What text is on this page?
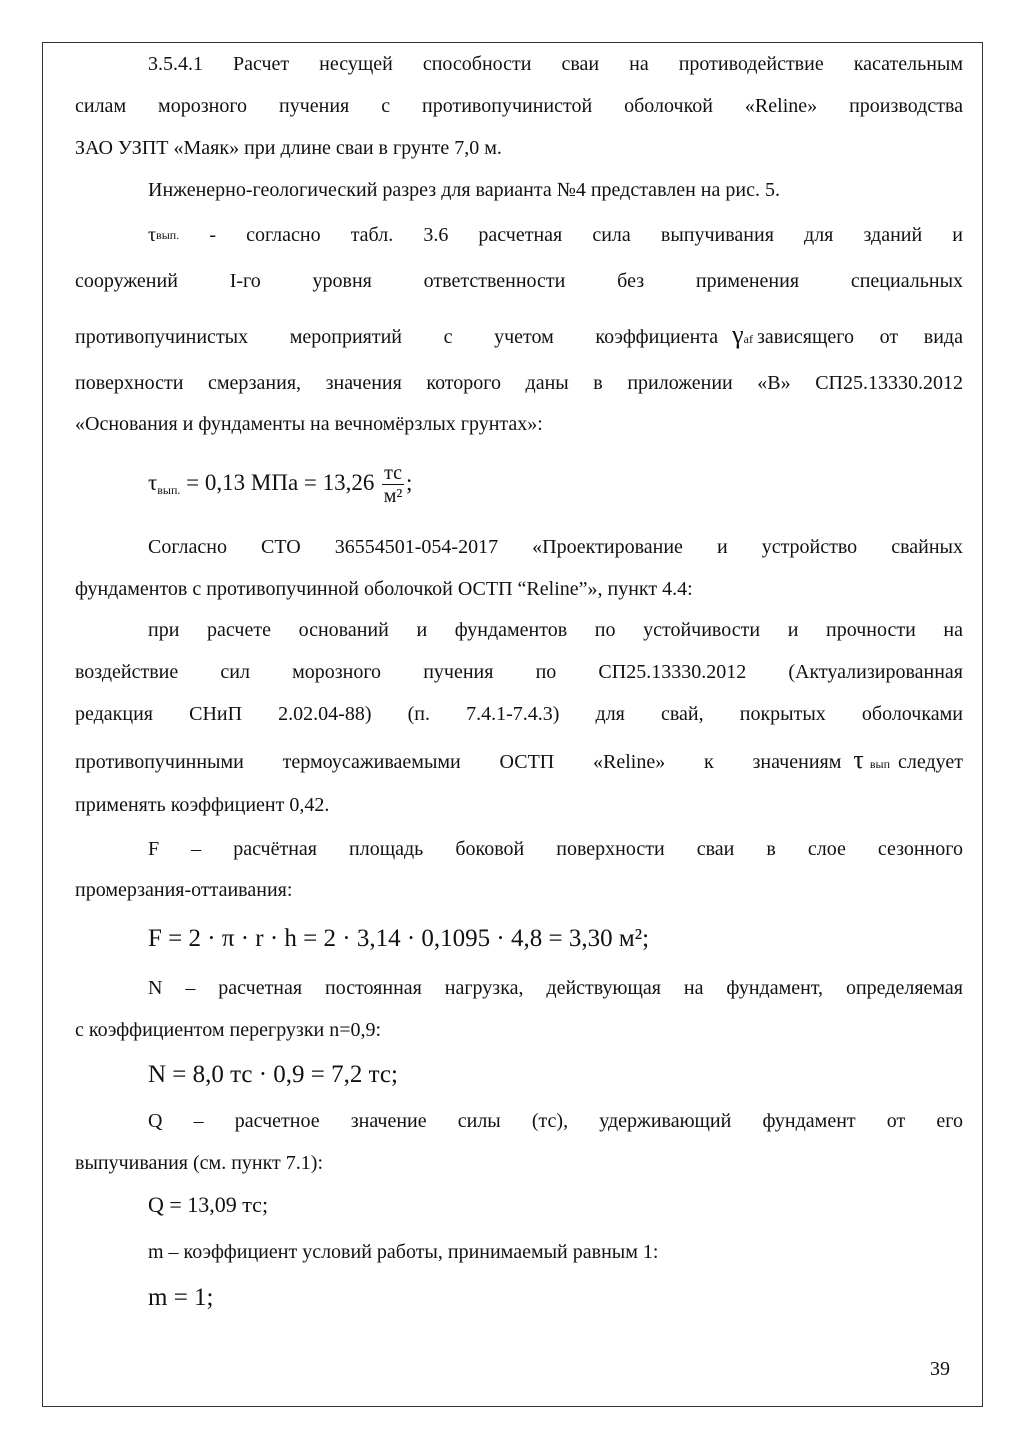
3.5.4.1 Расчет несущей способности сваи на противодействие касательным
силам морозного пучения с противопучинистой оболочкой «Reline» производства
ЗАО УЗПТ «Маяк» при длине сваи в грунте 7,0 м.
Инженерно-геологический разрез для варианта №4 представлен на рис. 5.
τ вып. - согласно табл. 3.6 расчетная сила выпучивания для зданий и
сооружений I-го уровня ответственности без применения специальных
противопучинистых мероприятий с учетом коэффициента γ af зависящего от вида
поверхности смерзания, значения которого даны в приложении «В» СП25.13330.2012
«Основания и фундаменты на вечномёрзлых грунтах»:
$\tau_{вып.} = 0,13$ МПа = $13,26 \frac{тс}{\text{м²}}$ ;
Согласно СТО 36554501-054-2017 «Проектирование и устройство свайных
фундаментов с противопучинной оболочкой ОСТП “Reline”», пункт 4.4:
при расчете оснований и фундаментов по устойчивости и прочности на
воздействие сил морозного пучения по СП25.13330.2012 (Актуализированная
редакция СНиП 2.02.04-88) (п. 7.4.1-7.4.3) для свай, покрытых оболочками
противопучинными термоусаживаемыми ОСТП «Reline» к значениям τ вып следует
применять коэффициент 0,42.
F – расчётная площадь боковой поверхности сваи в слое сезонного
промерзания-оттаивания:
F = 2 · π · r · h = 2 · 3,14 · 0,1095 · 4,8 = 3,30 м²;
N – расчетная постоянная нагрузка, действующая на фундамент, определяемая
с коэффициентом перегрузки n=0,9:
N = 8,0 тс · 0,9 = 7,2 тс;
Q – расчетное значение силы (тс), удерживающий фундамент от его
выпучивания (см. пункт 7.1):
Q = 13,09 тс;
m – коэффициент условий работы, принимаемый равным 1:
m = 1;
39
